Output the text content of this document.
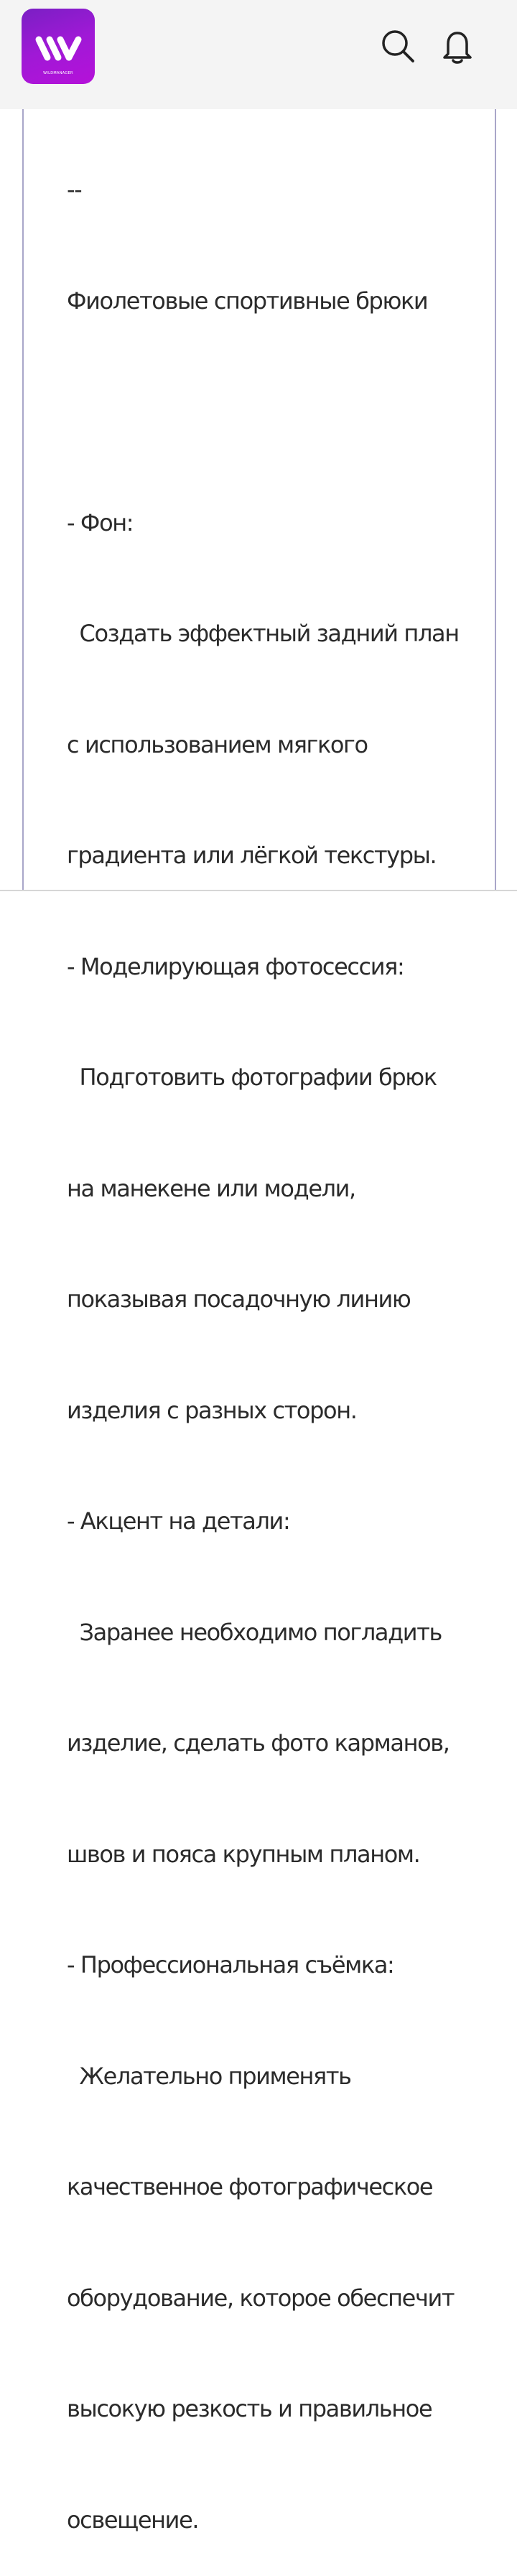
WILDMANAGER

--

Фиолетовые спортивные брюки

- Фон:

Создать эффектный задний план

с использованием мягкого

градиента или лёгкой текстуры.

- Моделирующая фотосессия:

Подготовить фотографии брюк

на манекене или модели,

показывая посадочную линию

изделия с разных сторон.

- Акцент на детали:

Заранее необходимо погладить

изделие, сделать фото карманов,

швов и пояса крупным планом.

- Профессиональная съёмка:

Желательно применять

качественное фотографическое

оборудование, которое обеспечит

высокую резкость и правильное

освещение.
